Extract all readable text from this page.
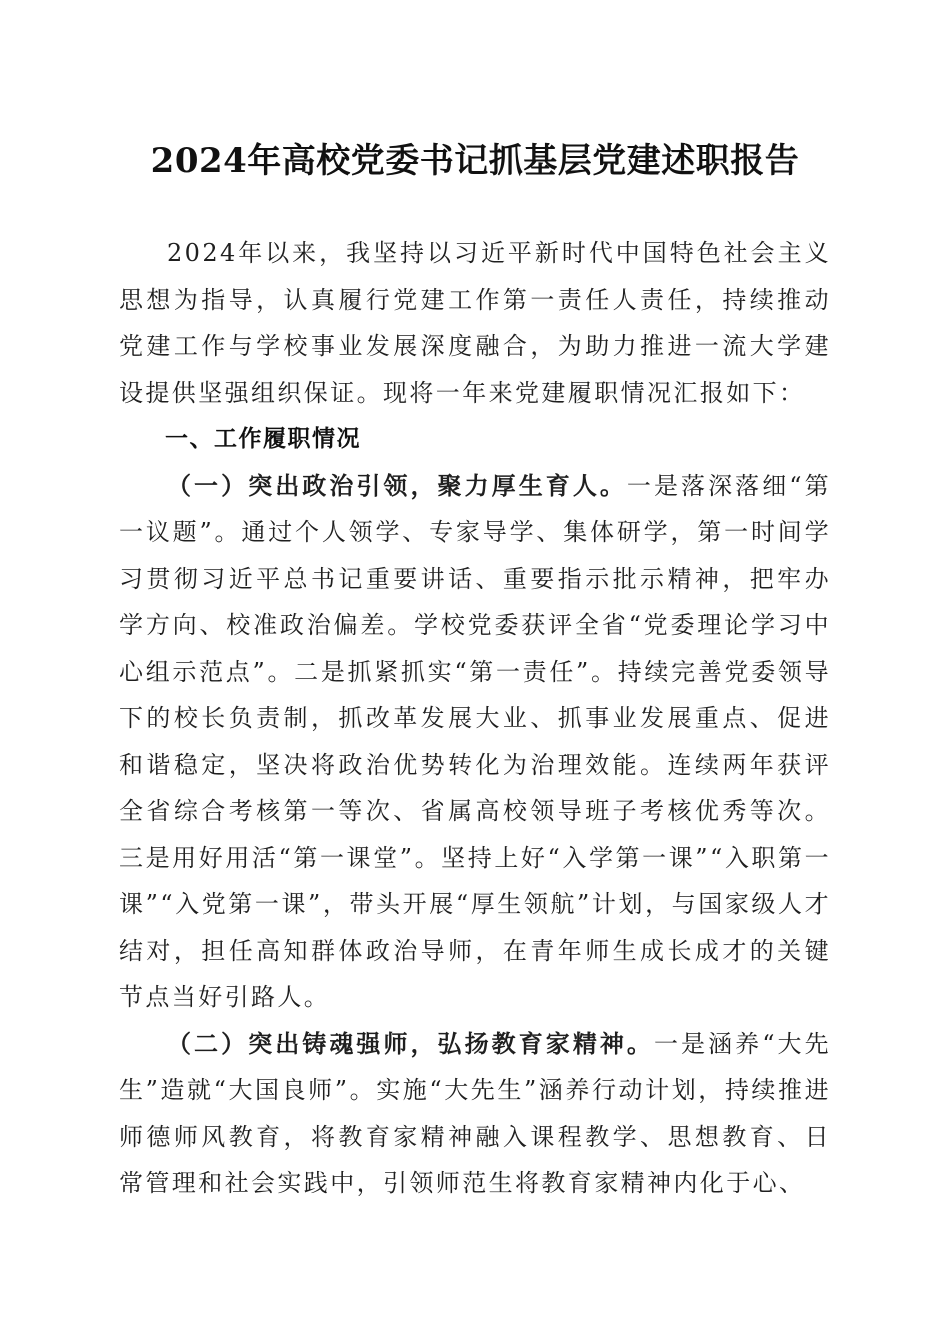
2024年高校党委书记抓基层党建述职报告

2024年以来，我坚持以习近平新时代中国特色社会主义思想为指导，认真履行党建工作第一责任人责任，持续推动党建工作与学校事业发展深度融合，为助力推进一流大学建设提供坚强组织保证。现将一年来党建履职情况汇报如下：

一、工作履职情况

（一）突出政治引领，聚力厚生育人。一是落深落细“第一议题”。通过个人领学、专家导学、集体研学，第一时间学习贯彻习近平总书记重要讲话、重要指示批示精神，把牢办学方向、校准政治偏差。学校党委获评全省“党委理论学习中心组示范点”。二是抓紧抓实“第一责任”。持续完善党委领导下的校长负责制，抓改革发展大业、抓事业发展重点、促进和谐稳定，坚决将政治优势转化为治理效能。连续两年获评全省综合考核第一等次、省属高校领导班子考核优秀等次。三是用好用活“第一课堂”。坚持上好“入学第一课”“入职第一课”“入党第一课”，带头开展“厚生领航”计划，与国家级人才结对，担任高知群体政治导师，在青年师生成长成才的关键节点当好引路人。

（二）突出铸魂强师，弘扬教育家精神。一是涵养“大先生”造就“大国良师”。实施“大先生”涵养行动计划，持续推进师德师风教育，将教育家精神融入课程教学、思想教育、日常管理和社会实践中，引领师范生将教育家精神内化于心、
